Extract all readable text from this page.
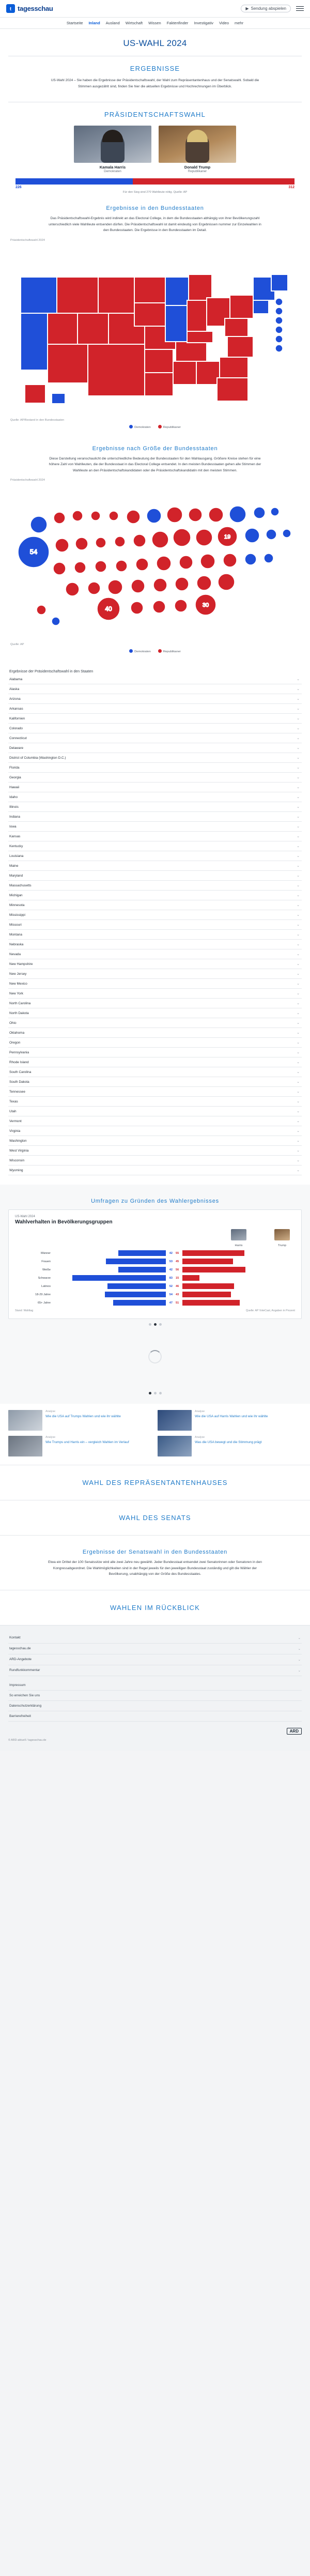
t tagesschau	▶ Sendung abspielen
Startseite Inland Ausland Wirtschaft Wissen Faktenfinder Investigativ Video mehr
US-WAHL 2024
ERGEBNISSE
US-Wahl 2024 – Sie haben die Ergebnisse der Präsidentschaftswahl, der Wahl zum Repräsentantenhaus und der Senatswahl. Sobald die Stimmen ausgezählt sind, finden Sie hier die aktuellen Ergebnisse und Hochrechnungen im Überblick.
PRÄSIDENTSCHAFTSWAHL
Kamala Harris
Demokraten
Donald Trump
Republikaner
226	312
Für den Sieg sind 270 Wahlleute nötig. Quelle: AP
Ergebnisse in den Bundesstaaten
Das Präsidentschaftswahl-Ergebnis wird indirekt an das Electoral College, in dem die Bundesstaaten abhängig von ihrer Bevölkerungszahl unterschiedlich viele Wahlleute entsenden dürfen. Die Präsidentschaftswahl ist damit eindeutig von Ergebnissen nummer zur Einzelwahlen in den Bundesstaaten. Die Ergebnisse in den Bundesstaaten im Detail.
Präsidentschaftswahl 2024
Quelle: AP/Bestand in den Bundesstaaten
Demokraten	Republikaner
Ergebnisse nach Größe der Bundesstaaten
Diese Darstellung veranschaulicht die unterschiedliche Bedeutung der Bundesstaaten für den Wahlausgang. Größere Kreise stehen für eine höhere Zahl von Wahlleuten, die der Bundesstaat in das Electoral College entsendet. In den meisten Bundesstaaten gehen alle Stimmen der Wahlleute an den Präsidentschaftskandidaten oder die Präsidentschaftskandidatin mit den meisten Stimmen.
Präsidentschaftswahl 2024
54
19
40	30
Quelle: AP
Demokraten	Republikaner
Ergebnisse der Präsidentschaftswahl in den Staaten
Alabama	⌄
Alaska	⌄
Arizona	⌄
Arkansas	⌄
Kalifornien	⌄
Colorado	⌄
Connecticut	⌄
Delaware	⌄
District of Columbia (Washington D.C.)	⌄
Florida	⌄
Georgia	⌄
Hawaii	⌄
Idaho	⌄
Illinois	⌄
Indiana	⌄
Iowa	⌄
Kansas	⌄
Kentucky	⌄
Louisiana	⌄
Maine	⌄
Maryland	⌄
Massachusetts	⌄
Michigan	⌄
Minnesota	⌄
Mississippi	⌄
Missouri	⌄
Montana	⌄
Nebraska	⌄
Nevada	⌄
New Hampshire	⌄
New Jersey	⌄
New Mexico	⌄
New York	⌄
North Carolina	⌄
North Dakota	⌄
Ohio	⌄
Oklahoma	⌄
Oregon	⌄
Pennsylvania	⌄
Rhode Island	⌄
South Carolina	⌄
South Dakota	⌄
Tennessee	⌄
Texas	⌄
Utah	⌄
Vermont	⌄
Virginia	⌄
Washington	⌄
West Virginia	⌄
Wisconsin	⌄
Wyoming	⌄
Umfragen zu Gründen des Wahlergebnisses
US-Wahl 2024
Wahlverhalten in Bevölkerungsgruppen
Harris	Trump
Männer	42	55
Frauen	53	45
Weiße	42	56
Schwarze	83	15
Latinos	52	46
18-29 Jahre	54	43
65+ Jahre	47	51
Stand: Wahltag	Quelle: AP VoteCast, Angaben in Prozent
Analyse
Wie die USA auf Trumps Wahlen und wie ihr wählte
Analyse
Wie die USA auf Harris Wahlen und wie ihr wählte
Analyse
Wie Trumps und Harris ein – vergleich Wahlen im Verlauf
Analyse
Was die USA bewegt und die Stimmung prägt
WAHL DES REPRÄSENTANTENHAUSES
WAHL DES SENATS
Ergebnisse der Senatswahl in den Bundesstaaten
Etwa ein Drittel der 100 Senatssitze wird alle zwei Jahre neu gewählt. Jeder Bundesstaat entsendet zwei Senatorinnen oder Senatoren in den Kongressabgeordnet. Die Wahlmöglichkeiten sind in der Regel jeweils für den jeweiligen Bundesstaat zuständig und gilt die Wähler der Bevölkerung, unabhängig von der Größe des Bundesstaates.
WAHLEN IM RÜCKBLICK
Kontakt	⌄
tagesschau.de	⌄
ARD-Angebote	⌄
Rundfunkkommentar	⌄
Impressum
So erreichen Sie uns
Datenschutzerklärung
Barrierefreiheit
ARD
© ARD-aktuell / tagesschau.de
